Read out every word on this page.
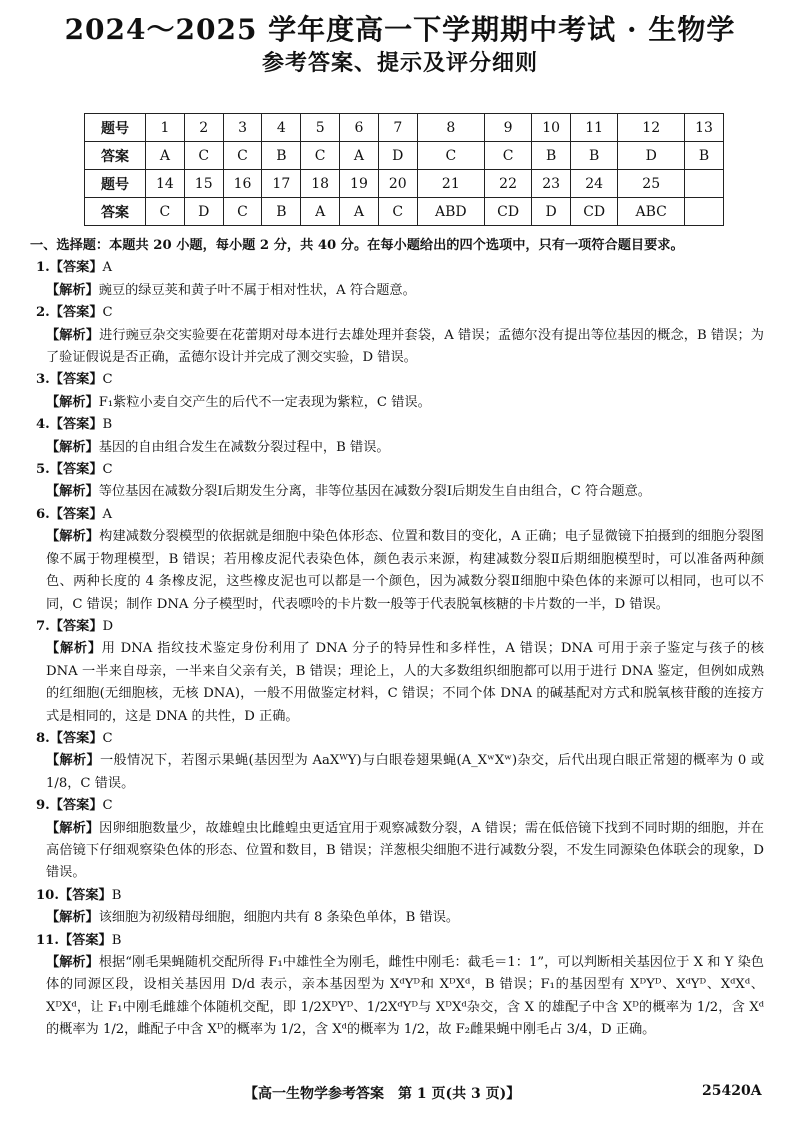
2024～2025 学年度高一下学期期中考试 · 生物学
参考答案、提示及评分细则
题号	1	2	3	4	5	6	7	8	9	10	11	12	13
答案	A	C	C	B	C	A	D	C	C	B	B	D	B
题号	14	15	16	17	18	19	20	21	22	23	24	25	
答案	C	D	C	B	A	A	C	ABD	CD	D	CD	ABC	

一、选择题：本题共 20 小题，每小题 2 分，共 40 分。在每小题给出的四个选项中，只有一项符合题目要求。

1.【答案】A

【解析】豌豆的绿豆荚和黄子叶不属于相对性状，A 符合题意。

2.【答案】C

【解析】进行豌豆杂交实验要在花蕾期对母本进行去雄处理并套袋，A 错误；孟德尔没有提出等位基因的概念，B 错误；为了验证假说是否正确，孟德尔设计并完成了测交实验，D 错误。

3.【答案】C

【解析】F₁紫粒小麦自交产生的后代不一定表现为紫粒，C 错误。

4.【答案】B

【解析】基因的自由组合发生在减数分裂过程中，B 错误。

5.【答案】C

【解析】等位基因在减数分裂Ⅰ后期发生分离，非等位基因在减数分裂Ⅰ后期发生自由组合，C 符合题意。

6.【答案】A

【解析】构建减数分裂模型的依据就是细胞中染色体形态、位置和数目的变化，A 正确；电子显微镜下拍摄到的细胞分裂图像不属于物理模型，B 错误；若用橡皮泥代表染色体，颜色表示来源，构建减数分裂Ⅱ后期细胞模型时，可以准备两种颜色、两种长度的 4 条橡皮泥，这些橡皮泥也可以都是一个颜色，因为减数分裂Ⅱ细胞中染色体的来源可以相同，也可以不同，C 错误；制作 DNA 分子模型时，代表嘌呤的卡片数一般等于代表脱氧核糖的卡片数的一半，D 错误。

7.【答案】D

【解析】用 DNA 指纹技术鉴定身份利用了 DNA 分子的特异性和多样性，A 错误；DNA 可用于亲子鉴定与孩子的核 DNA 一半来自母亲，一半来自父亲有关，B 错误；理论上，人的大多数组织细胞都可以用于进行 DNA 鉴定，但例如成熟的红细胞(无细胞核，无核 DNA)，一般不用做鉴定材料，C 错误；不同个体 DNA 的碱基配对方式和脱氧核苷酸的连接方式是相同的，这是 DNA 的共性，D 正确。

8.【答案】C

【解析】一般情况下，若图示果蝇(基因型为 AaXᵂY)与白眼卷翅果蝇(A_XʷXʷ)杂交，后代出现白眼正常翅的概率为 0 或 1/8，C 错误。

9.【答案】C

【解析】因卵细胞数量少，故雄蝗虫比雌蝗虫更适宜用于观察减数分裂，A 错误；需在低倍镜下找到不同时期的细胞，并在高倍镜下仔细观察染色体的形态、位置和数目，B 错误；洋葱根尖细胞不进行减数分裂，不发生同源染色体联会的现象，D 错误。

10.【答案】B

【解析】该细胞为初级精母细胞，细胞内共有 8 条染色单体，B 错误。

11.【答案】B

【解析】根据“刚毛果蝇随机交配所得 F₁中雄性全为刚毛，雌性中刚毛：截毛＝1：1”，可以判断相关基因位于 X 和 Y 染色体的同源区段，设相关基因用 D/d 表示，亲本基因型为 XᵈYᴰ和 XᴰXᵈ，B 错误；F₁的基因型有 XᴰYᴰ、XᵈYᴰ、XᵈXᵈ、XᴰXᵈ，让 F₁中刚毛雌雄个体随机交配，即 1/2XᴰYᴰ、1/2XᵈYᴰ与 XᴰXᵈ杂交，含 X 的雄配子中含 Xᴰ的概率为 1/2，含 Xᵈ的概率为 1/2，雌配子中含 Xᴰ的概率为 1/2，含 Xᵈ的概率为 1/2，故 F₂雌果蝇中刚毛占 3/4，D 正确。

【高一生物学参考答案　第 1 页(共 3 页)】	25420A
